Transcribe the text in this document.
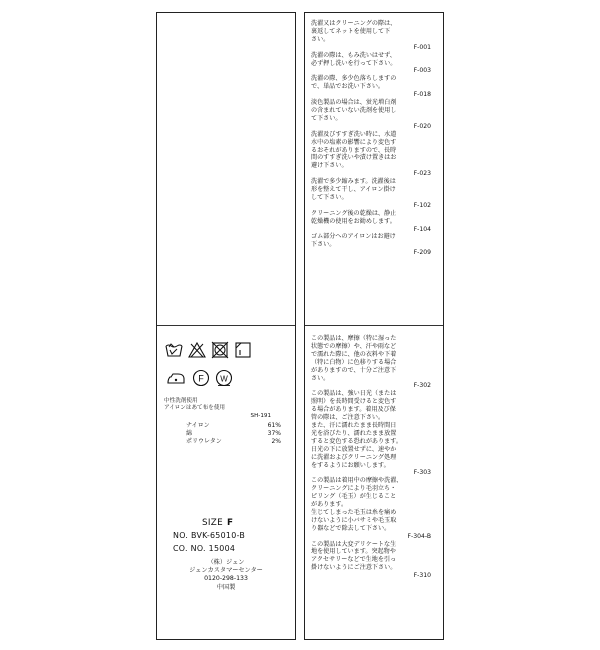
F W
中性洗剤使用
アイロンはあて布を使用
SH-191
ナイロン	61%
綿	37%
ポリウレタン	2%
SIZE F
NO. BVK-65010-B
CO. NO. 15004
（株）ジュン
ジュンカスタマーセンター
0120-298-133
中国製
洗濯又はクリーニングの際は、
裏返してネットを使用して下
さい。
F-001
洗濯の際は、もみ洗いはせず、
必ず押し洗いを行って下さい。
F-003
洗濯の際、多少色落ちしますの
で、単品でお洗い下さい。
F-018
淡色製品の場合は、蛍光増白剤
の含まれていない洗剤を使用し
て下さい。
F-020
洗濯及びすすぎ洗い時に、水道
水中の塩素の影響により変色す
るおそれがありますので、長時
間のすすぎ洗いや漬け置きはお
避け下さい。
F-023
洗濯で多少縮みます。洗濯後は
形を整えて干し、アイロン掛け
して下さい。
F-102
クリーニング後の乾燥は、静止
乾燥機の使用をお勧めします。
F-104
ゴム部分へのアイロンはお避け
下さい。
F-209
この製品は、摩擦（特に湿った
状態での摩擦）や、汗や雨など
で濡れた際に、他の衣料や下着
（特に白物）に色移りする場合
がありますので、十分ご注意下
さい。
F-302
この製品は、強い日光（または
照明）を長時間受けると変色す
る場合があります。着用及び保
管の際は、ご注意下さい。
また、汗に濡れたまま長時間日
光を浴びたり、濡れたまま放置
すると変色する恐れがあります。
日光の下に放置せずに、速やか
に洗濯およびクリーニング処理
をするようにお願いします。
F-303
この製品は着用中の摩擦や洗濯、
クリーニングにより毛羽立ち・
ピリング（毛玉）が生じること
があります。
生じてしまった毛玉は糸を痛め
けないように小バサミや毛玉取
り器などで除去して下さい。
F-304-B
この製品は大変デリケートな生
地を使用しています。突起物や
アクセサリーなどで生地を引っ
掛けないようにご注意下さい。
F-310
